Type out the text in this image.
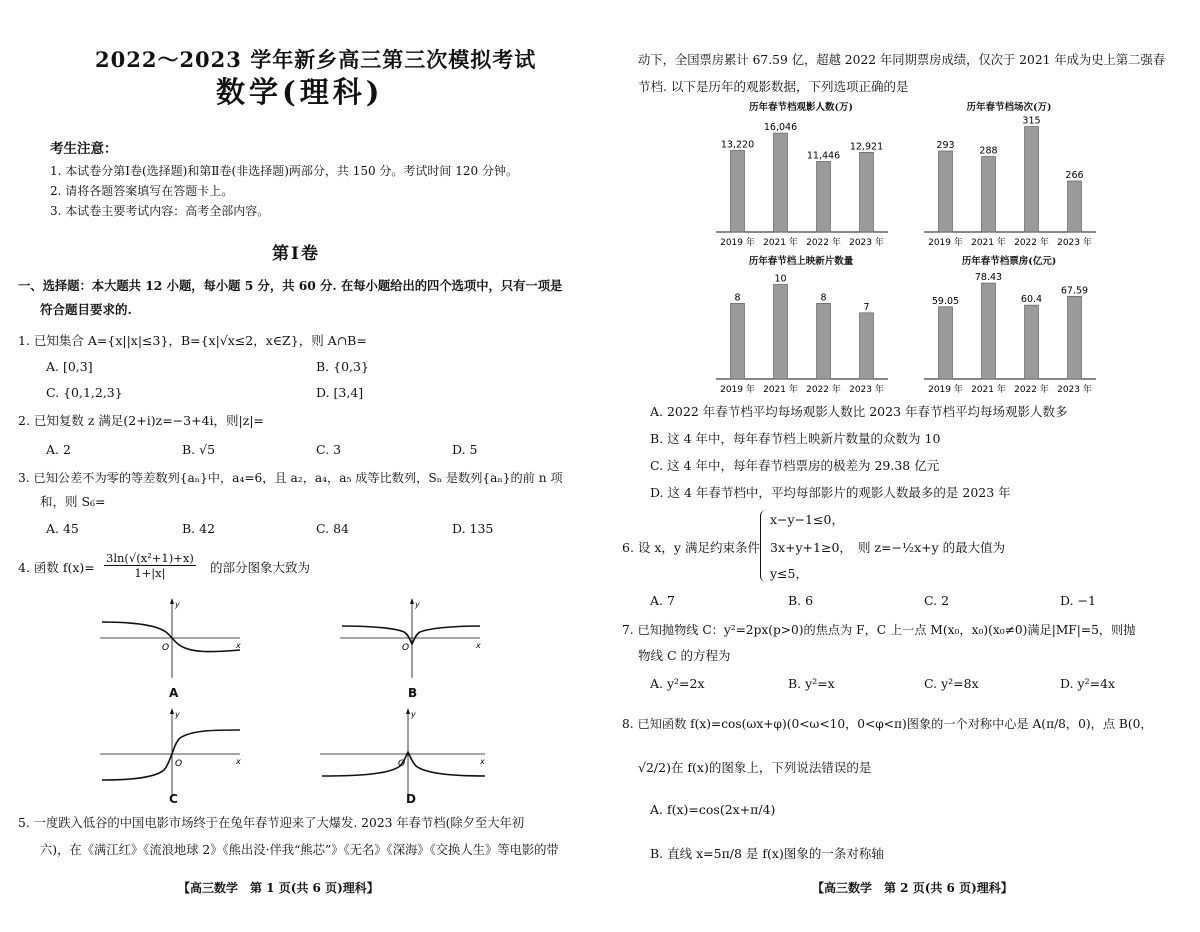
2022～2023 学年新乡高三第三次模拟考试
数学(理科)
考生注意：
1. 本试卷分第Ⅰ卷(选择题)和第Ⅱ卷(非选择题)两部分，共 150 分。考试时间 120 分钟。
2. 请将各题答案填写在答题卡上。
3. 本试卷主要考试内容：高考全部内容。
第Ⅰ卷
一、选择题：本大题共 12 小题，每小题 5 分，共 60 分. 在每小题给出的四个选项中，只有一项是
符合题目要求的.
1. 已知集合 A={x||x|≤3}，B={x|√x≤2，x∈Z}，则 A∩B=
A. [0,3]	B. {0,3}
C. {0,1,2,3}	D. [3,4]
2. 已知复数 z 满足(2+i)z=−3+4i，则|z|=
A. 2	B. √5	C. 3	D. 5
3. 已知公差不为零的等差数列{aₙ}中，a₄=6，且 a₂，a₄，a₅ 成等比数列，Sₙ 是数列{aₙ}的前 n 项
和，则 S₆=
A. 45	B. 42	C. 84	D. 135
4. 函数 $f(x)= \frac{\text{3ln(√(x²+1)+x)}}{1+|x|}$ 的部分图象大致为
y
x
O
A
y
x
O
B
y
x
O
C
y
x
O
D
5. 一度跌入低谷的中国电影市场终于在兔年春节迎来了大爆发. 2023 年春节档(除夕至大年初
六)，在《满江红》《流浪地球 2》《熊出没·伴我“熊芯”》《无名》《深海》《交换人生》等电影的带
【高三数学　第 1 页(共 6 页)理科】
动下，全国票房累计 67.59 亿，超越 2022 年同期票房成绩，仅次于 2021 年成为史上第二强春
节档. 以下是历年的观影数据，下列选项正确的是
历年春节档观影人数(万)
13,220
2019 年
16,046
2021 年
11,446
2022 年
12,921
2023 年
历年春节档场次(万)
293
2019 年
288
2021 年
315
2022 年
266
2023 年
历年春节档上映新片数量
8
2019 年
10
2021 年
8
2022 年
7
2023 年
历年春节档票房(亿元)
59.05
2019 年
78.43
2021 年
60.4
2022 年
67.59
2023 年
A. 2022 年春节档平均每场观影人数比 2023 年春节档平均每场观影人数多
B. 这 4 年中，每年春节档上映新片数量的众数为 10
C. 这 4 年中，每年春节档票房的极差为 29.38 亿元
D. 这 4 年春节档中，平均每部影片的观影人数最多的是 2023 年
6. 设 x，y 满足约束条件
x−y−1≤0，
3x+y+1≥0，
y≤5，
则 z=−½x+y 的最大值为
A. 7	B. 6	C. 2	D. −1
7. 已知抛物线 C：y²=2px(p>0)的焦点为 F，C 上一点 M(x₀，x₀)(x₀≠0)满足|MF|=5，则抛
物线 C 的方程为
A. y²=2x	B. y²=x	C. y²=8x	D. y²=4x
8. 已知函数 f(x)=cos(ωx+φ)(0<ω<10，0<φ<π)图象的一个对称中心是 A(π/8，0)，点 B(0，
√2/2)在 f(x)的图象上，下列说法错误的是
A. f(x)=cos(2x+π/4)
B. 直线 x=5π/8 是 f(x)图象的一条对称轴
【高三数学　第 2 页(共 6 页)理科】
